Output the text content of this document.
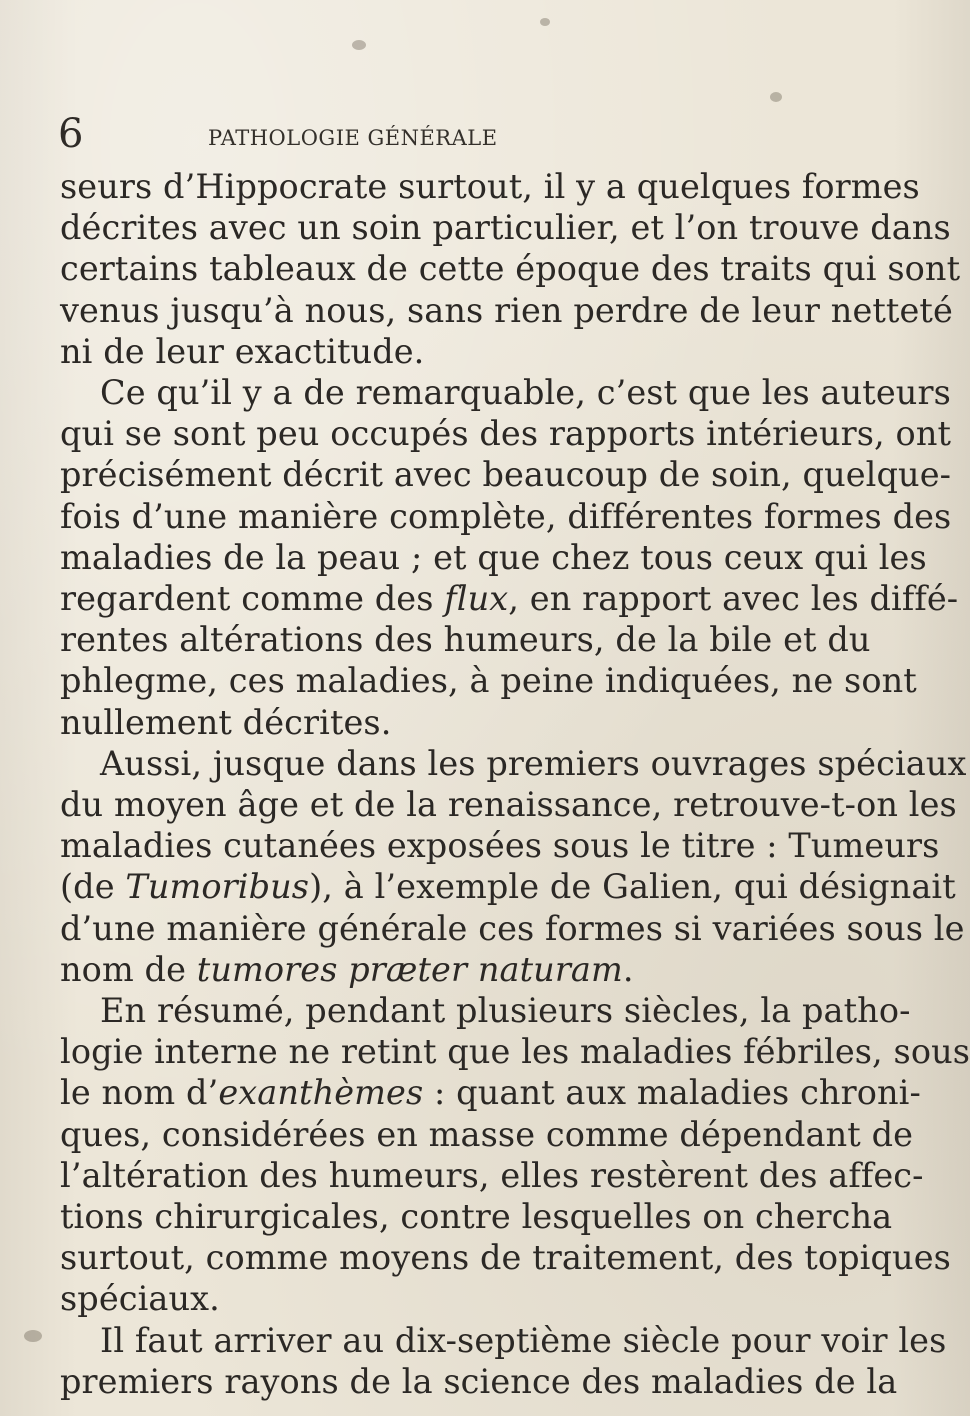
6	PATHOLOGIE GÉNÉRALE
seurs d’Hippocrate surtout, il y a quelques formes
décrites avec un soin particulier, et l’on trouve dans
certains tableaux de cette époque des traits qui sont
venus jusqu’à nous, sans rien perdre de leur netteté
ni de leur exactitude.
Ce qu’il y a de remarquable, c’est que les auteurs
qui se sont peu occupés des rapports intérieurs, ont
précisément décrit avec beaucoup de soin, quelque-
fois d’une manière complète, différentes formes des
maladies de la peau ; et que chez tous ceux qui les
regardent comme des flux, en rapport avec les diffé-
rentes altérations des humeurs, de la bile et du
phlegme, ces maladies, à peine indiquées, ne sont
nullement décrites.
Aussi, jusque dans les premiers ouvrages spéciaux
du moyen âge et de la renaissance, retrouve-t-on les
maladies cutanées exposées sous le titre : Tumeurs
(de Tumoribus), à l’exemple de Galien, qui désignait
d’une manière générale ces formes si variées sous le
nom de tumores præter naturam.
En résumé, pendant plusieurs siècles, la patho-
logie interne ne retint que les maladies fébriles, sous
le nom d’exanthèmes : quant aux maladies chroni-
ques, considérées en masse comme dépendant de
l’altération des humeurs, elles restèrent des affec-
tions chirurgicales, contre lesquelles on chercha
surtout, comme moyens de traitement, des topiques
spéciaux.
Il faut arriver au dix-septième siècle pour voir les
premiers rayons de la science des maladies de la
